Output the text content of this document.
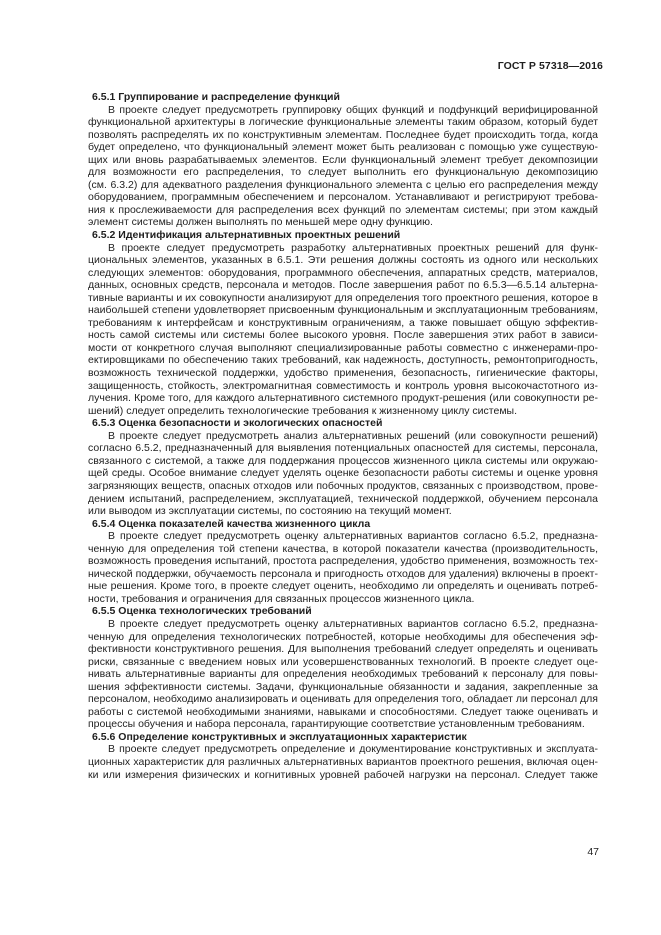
ГОСТ Р 57318—2016
6.5.1 Группирование и распределение функций
В проекте следует предусмотреть группировку общих функций и подфункций верифицированной
функциональной архитектуры в логические функциональные элементы таким образом, который будет
позволять распределять их по конструктивным элементам. Последнее будет происходить тогда, когда
будет определено, что функциональный элемент может быть реализован с помощью уже существую-
щих или вновь разрабатываемых элементов. Если функциональный элемент требует декомпозиции
для возможности его распределения, то следует выполнить его функциональную декомпозицию
(см. 6.3.2) для адекватного разделения функционального элемента с целью его распределения между
оборудованием, программным обеспечением и персоналом. Устанавливают и регистрируют требова-
ния к прослеживаемости для распределения всех функций по элементам системы; при этом каждый
элемент системы должен выполнять по меньшей мере одну функцию.
6.5.2 Идентификация альтернативных проектных решений
В проекте следует предусмотреть разработку альтернативных проектных решений для функ-
циональных элементов, указанных в 6.5.1. Эти решения должны состоять из одного или нескольких
следующих элементов: оборудования, программного обеспечения, аппаратных средств, материалов,
данных, основных средств, персонала и методов. После завершения работ по 6.5.3—6.5.14 альтерна-
тивные варианты и их совокупности анализируют для определения того проектного решения, которое в
наибольшей степени удовлетворяет присвоенным функциональным и эксплуатационным требованиям,
требованиям к интерфейсам и конструктивным ограничениям, а также повышает общую эффектив-
ность самой системы или системы более высокого уровня. После завершения этих работ в зависи-
мости от конкретного случая выполняют специализированные работы совместно с инженерами-про-
ектировщиками по обеспечению таких требований, как надежность, доступность, ремонтопригодность,
возможность технической поддержки, удобство применения, безопасность, гигиенические факторы,
защищенность, стойкость, электромагнитная совместимость и контроль уровня высокочастотного из-
лучения. Кроме того, для каждого альтернативного системного продукт-решения (или совокупности ре-
шений) следует определить технологические требования к жизненному циклу системы.
6.5.3 Оценка безопасности и экологических опасностей
В проекте следует предусмотреть анализ альтернативных решений (или совокупности решений)
согласно 6.5.2, предназначенный для выявления потенциальных опасностей для системы, персонала,
связанного с системой, а также для поддержания процессов жизненного цикла системы или окружаю-
щей среды. Особое внимание следует уделять оценке безопасности работы системы и оценке уровня
загрязняющих веществ, опасных отходов или побочных продуктов, связанных с производством, прове-
дением испытаний, распределением, эксплуатацией, технической поддержкой, обучением персонала
или выводом из эксплуатации системы, по состоянию на текущий момент.
6.5.4 Оценка показателей качества жизненного цикла
В проекте следует предусмотреть оценку альтернативных вариантов согласно 6.5.2, предназна-
ченную для определения той степени качества, в которой показатели качества (производительность,
возможность проведения испытаний, простота распределения, удобство применения, возможность тех-
нической поддержки, обучаемость персонала и пригодность отходов для удаления) включены в проект-
ные решения. Кроме того, в проекте следует оценить, необходимо ли определять и оценивать потреб-
ности, требования и ограничения для связанных процессов жизненного цикла.
6.5.5 Оценка технологических требований
В проекте следует предусмотреть оценку альтернативных вариантов согласно 6.5.2, предназна-
ченную для определения технологических потребностей, которые необходимы для обеспечения эф-
фективности конструктивного решения. Для выполнения требований следует определять и оценивать
риски, связанные с введением новых или усовершенствованных технологий. В проекте следует оце-
нивать альтернативные варианты для определения необходимых требований к персоналу для повы-
шения эффективности системы. Задачи, функциональные обязанности и задания, закрепленные за
персоналом, необходимо анализировать и оценивать для определения того, обладает ли персонал для
работы с системой необходимыми знаниями, навыками и способностями. Следует также оценивать и
процессы обучения и набора персонала, гарантирующие соответствие установленным требованиям.
6.5.6 Определение конструктивных и эксплуатационных характеристик
В проекте следует предусмотреть определение и документирование конструктивных и эксплуата-
ционных характеристик для различных альтернативных вариантов проектного решения, включая оцен-
ки или измерения физических и когнитивных уровней рабочей нагрузки на персонал. Следует также
47
